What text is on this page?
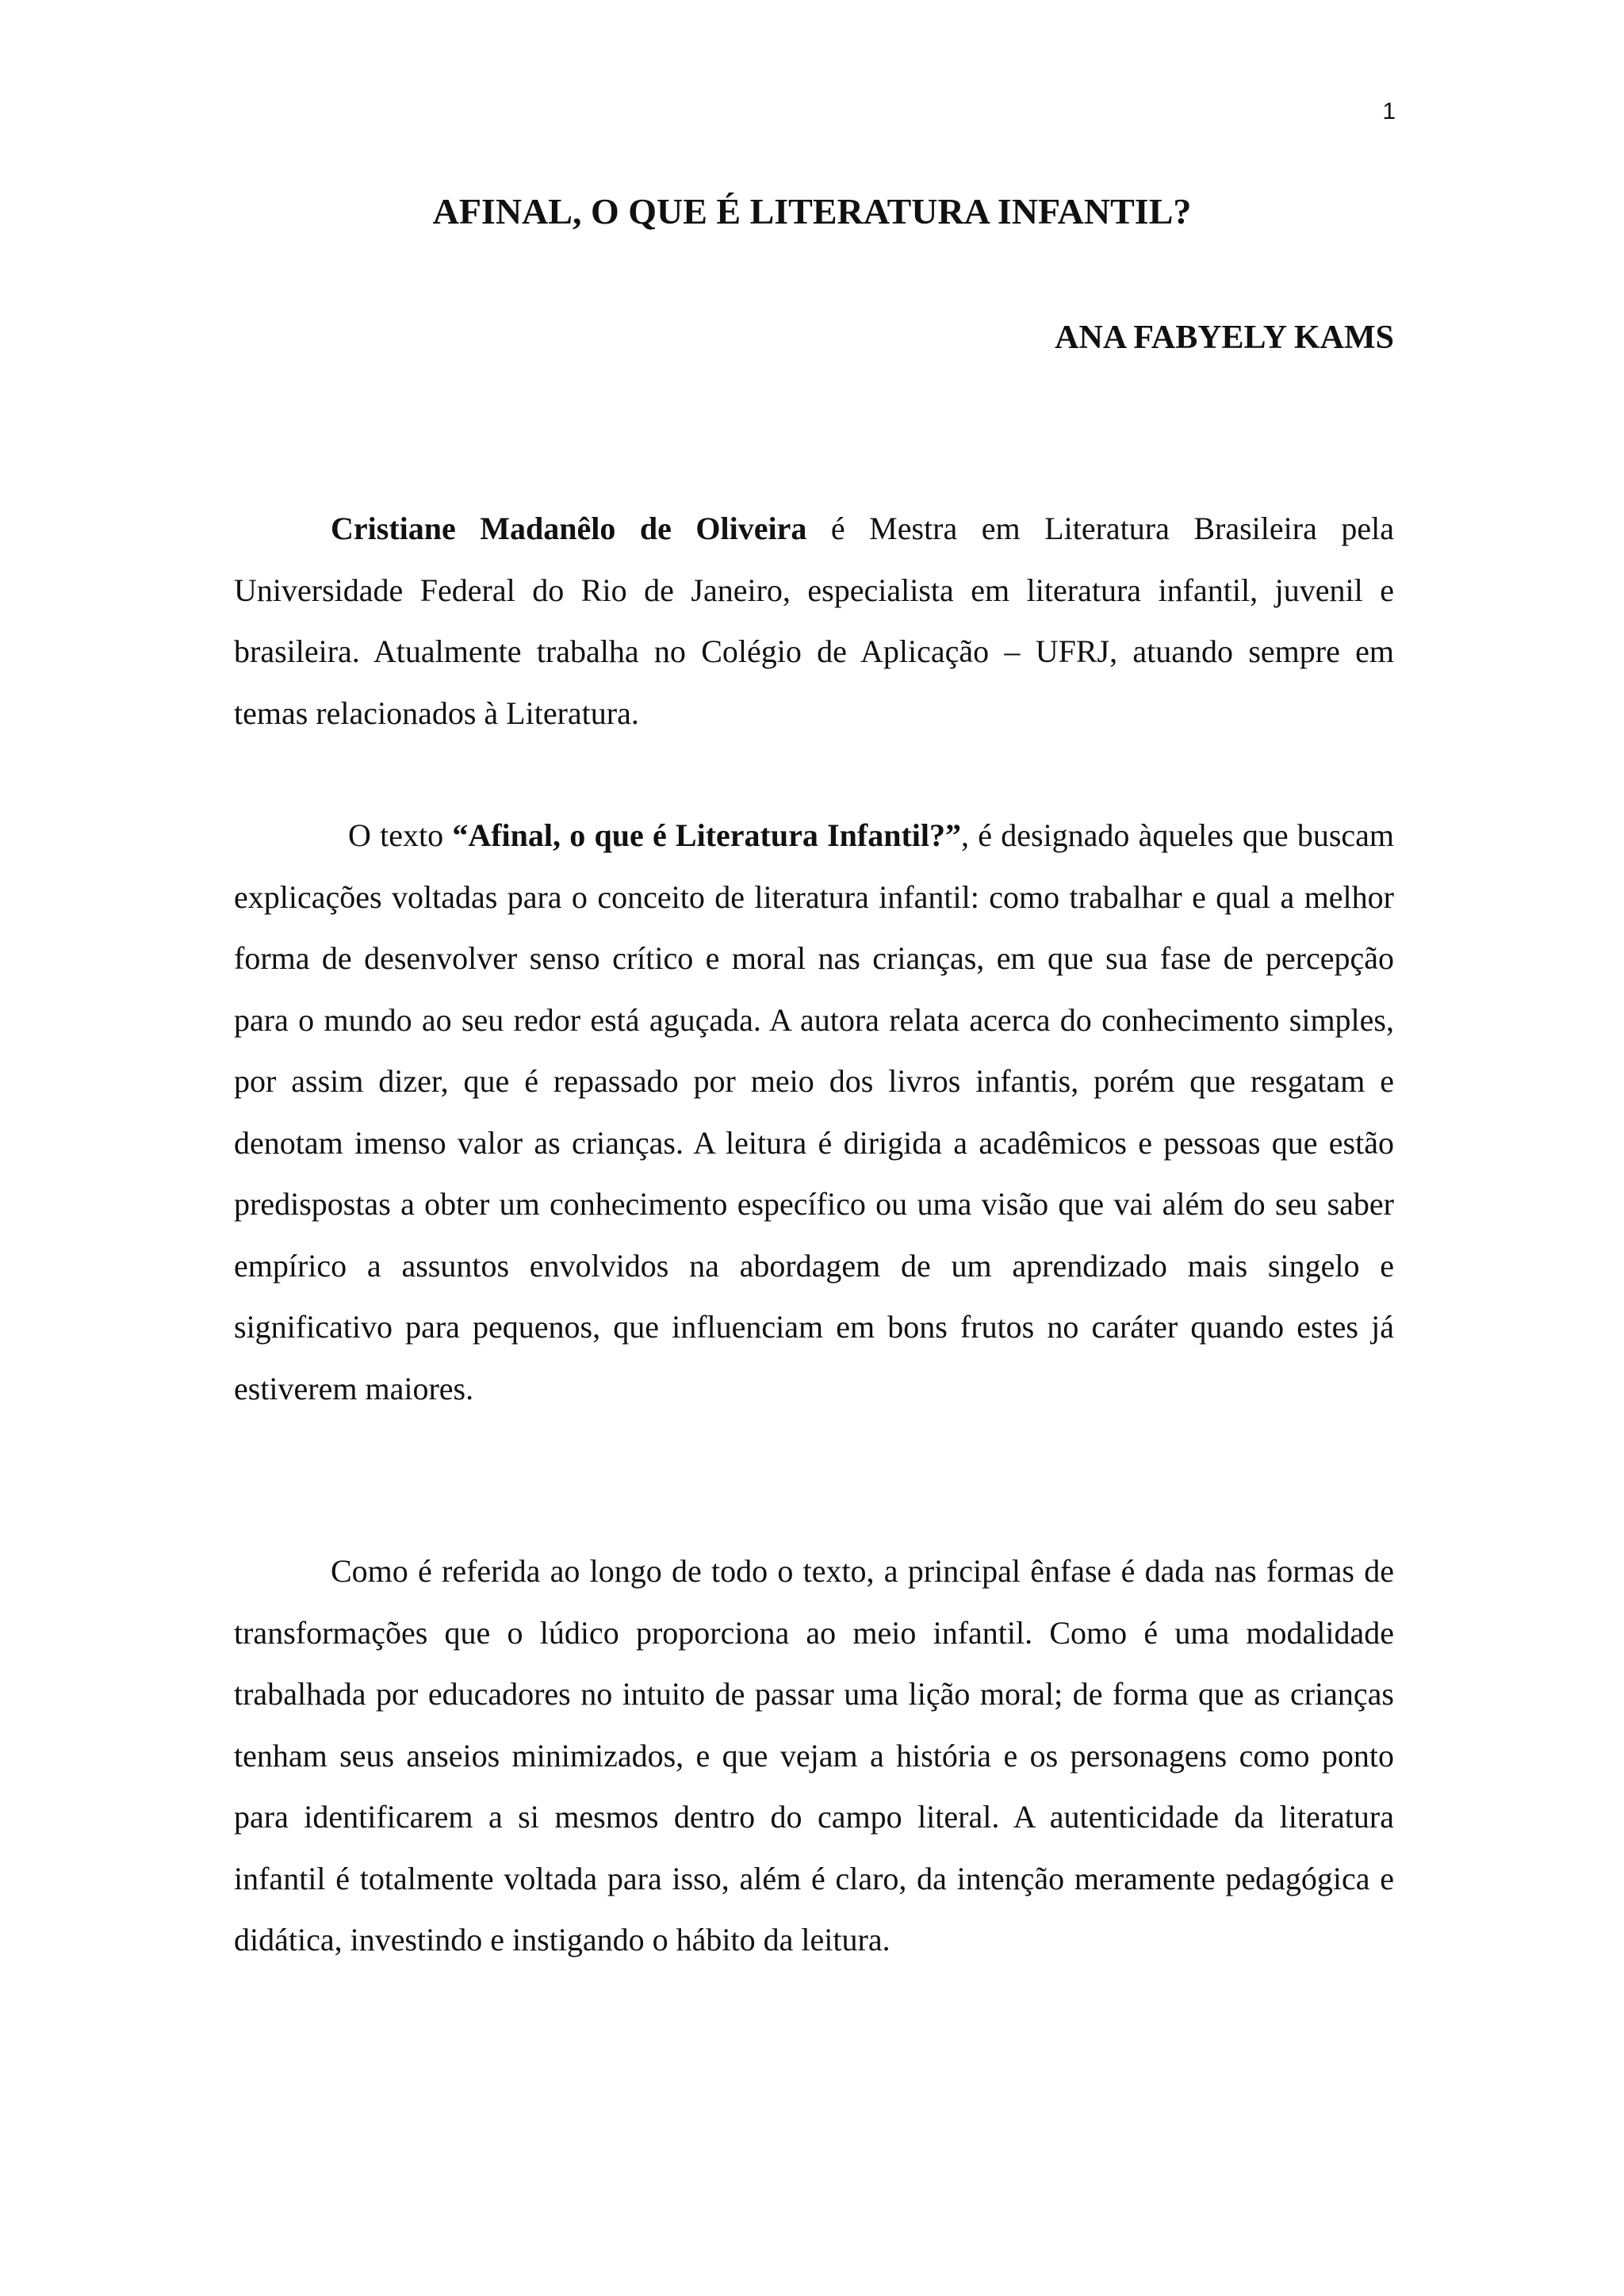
1
AFINAL, O QUE É LITERATURA INFANTIL?
ANA FABYELY KAMS

Cristiane Madanêlo de Oliveira é Mestra em Literatura Brasileira pela Universidade Federal do Rio de Janeiro, especialista em literatura infantil, juvenil e brasileira. Atualmente trabalha no Colégio de Aplicação – UFRJ, atuando sempre em temas relacionados à Literatura.

O texto “Afinal, o que é Literatura Infantil?”, é designado àqueles que buscam explicações voltadas para o conceito de literatura infantil: como trabalhar e qual a melhor forma de desenvolver senso crítico e moral nas crianças, em que sua fase de percepção para o mundo ao seu redor está aguçada. A autora relata acerca do conhecimento simples, por assim dizer, que é repassado por meio dos livros infantis, porém que resgatam e denotam imenso valor as crianças. A leitura é dirigida a acadêmicos e pessoas que estão predispostas a obter um conhecimento específico ou uma visão que vai além do seu saber empírico a assuntos envolvidos na abordagem de um aprendizado mais singelo e significativo para pequenos, que influenciam em bons frutos no caráter quando estes já estiverem maiores.

Como é referida ao longo de todo o texto, a principal ênfase é dada nas formas de transformações que o lúdico proporciona ao meio infantil. Como é uma modalidade trabalhada por educadores no intuito de passar uma lição moral; de forma que as crianças tenham seus anseios minimizados, e que vejam a história e os personagens como ponto para identificarem a si mesmos dentro do campo literal. A autenticidade da literatura infantil é totalmente voltada para isso, além é claro, da intenção meramente pedagógica e didática, investindo e instigando o hábito da leitura.
